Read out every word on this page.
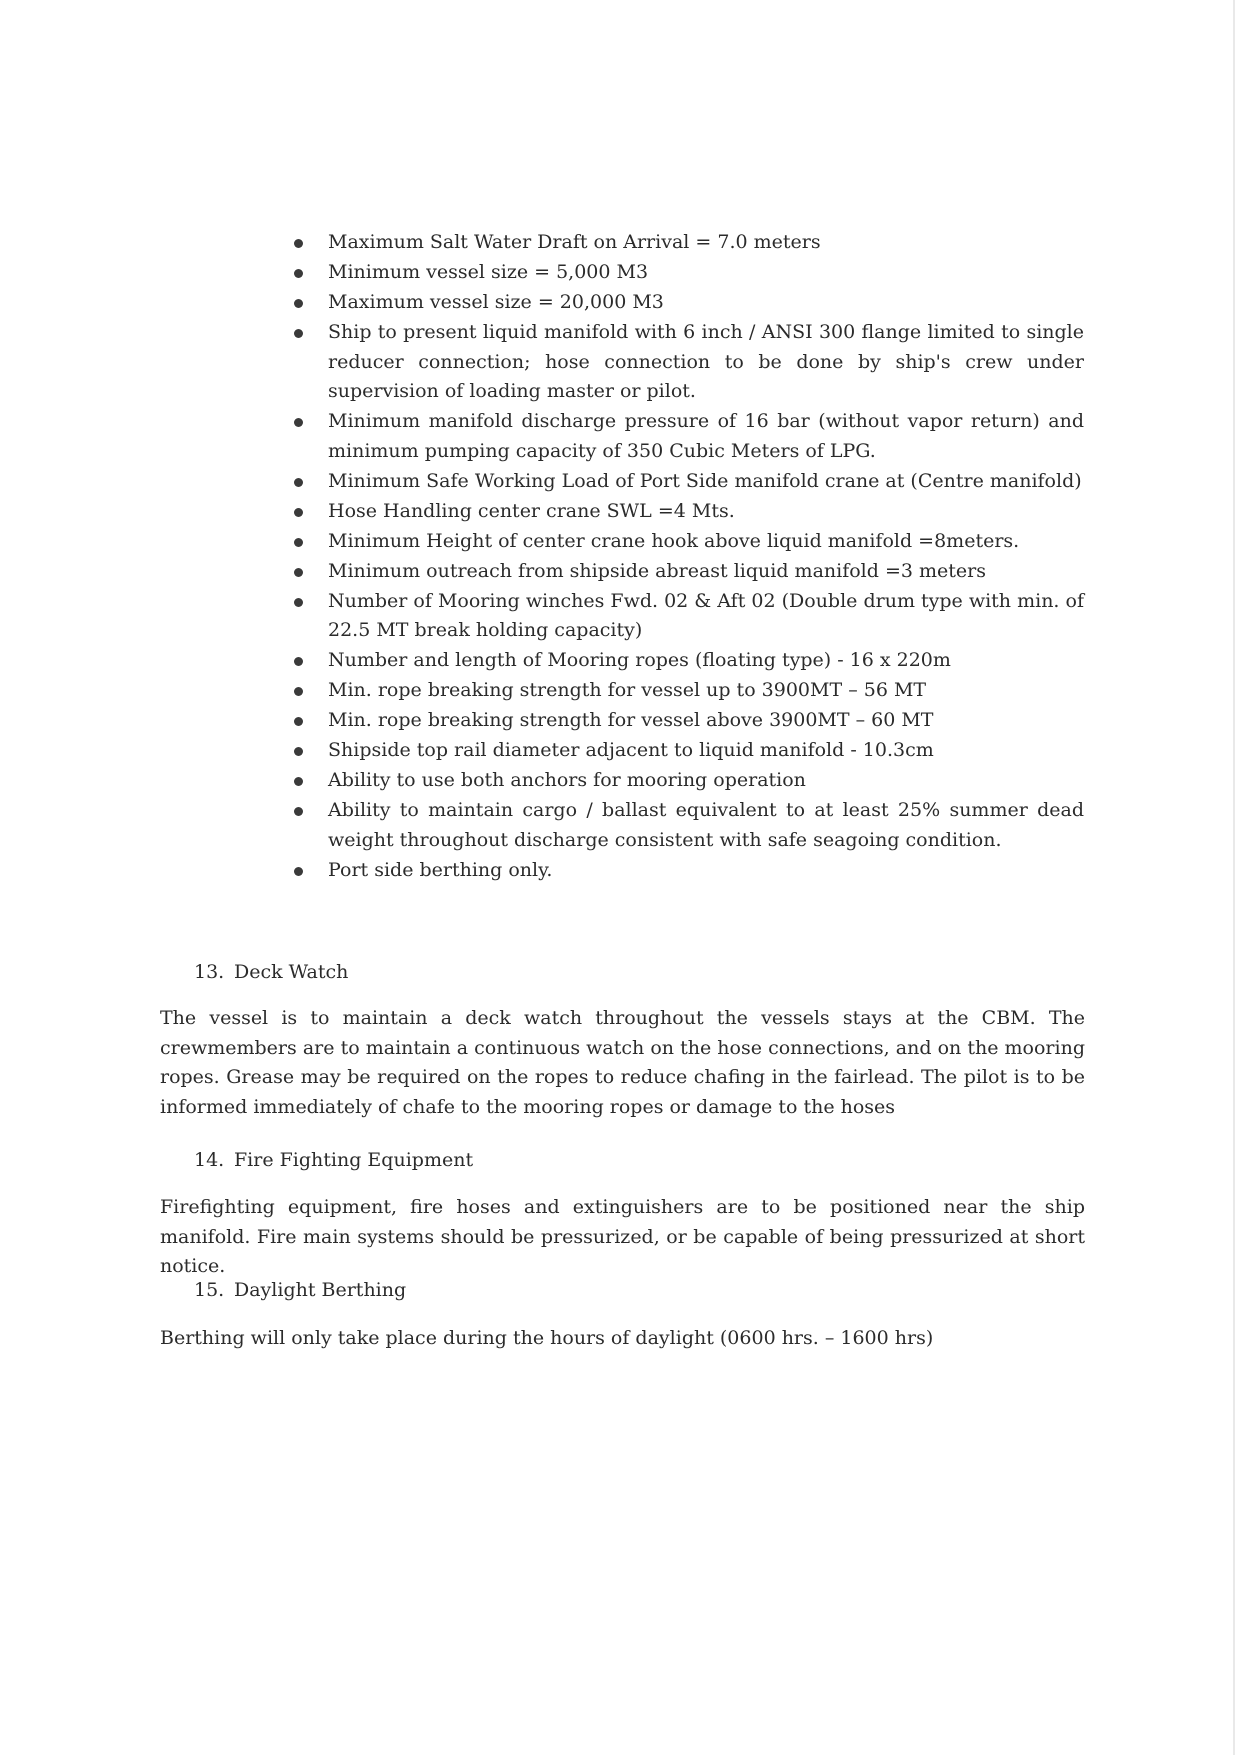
Maximum Salt Water Draft on Arrival = 7.0 meters
Minimum vessel size = 5,000 M3
Maximum vessel size = 20,000 M3
Ship to present liquid manifold with 6 inch / ANSI 300 flange limited to single reducer connection; hose connection to be done by ship's crew under supervision of loading master or pilot.
Minimum manifold discharge pressure of 16 bar (without vapor return) and minimum pumping capacity of 350 Cubic Meters of LPG.
Minimum Safe Working Load of Port Side manifold crane at (Centre manifold)
Hose Handling center crane SWL =4 Mts.
Minimum Height of center crane hook above liquid manifold =8meters.
Minimum outreach from shipside abreast liquid manifold =3 meters
Number of Mooring winches Fwd. 02 & Aft 02 (Double drum type with min. of 22.5 MT break holding capacity)
Number and length of Mooring ropes (floating type) - 16 x 220m
Min. rope breaking strength for vessel up to 3900MT – 56 MT
Min. rope breaking strength for vessel above 3900MT – 60 MT
Shipside top rail diameter adjacent to liquid manifold - 10.3cm
Ability to use both anchors for mooring operation
Ability to maintain cargo / ballast equivalent to at least 25% summer dead weight throughout discharge consistent with safe seagoing condition.
Port side berthing only.
13. Deck Watch

The vessel is to maintain a deck watch throughout the vessels stays at the CBM. The crewmembers are to maintain a continuous watch on the hose connections, and on the mooring ropes. Grease may be required on the ropes to reduce chafing in the fairlead. The pilot is to be informed immediately of chafe to the mooring ropes or damage to the hoses

14. Fire Fighting Equipment

Firefighting equipment, fire hoses and extinguishers are to be positioned near the ship manifold. Fire main systems should be pressurized, or be capable of being pressurized at short notice.

15. Daylight Berthing

Berthing will only take place during the hours of daylight (0600 hrs. – 1600 hrs)
